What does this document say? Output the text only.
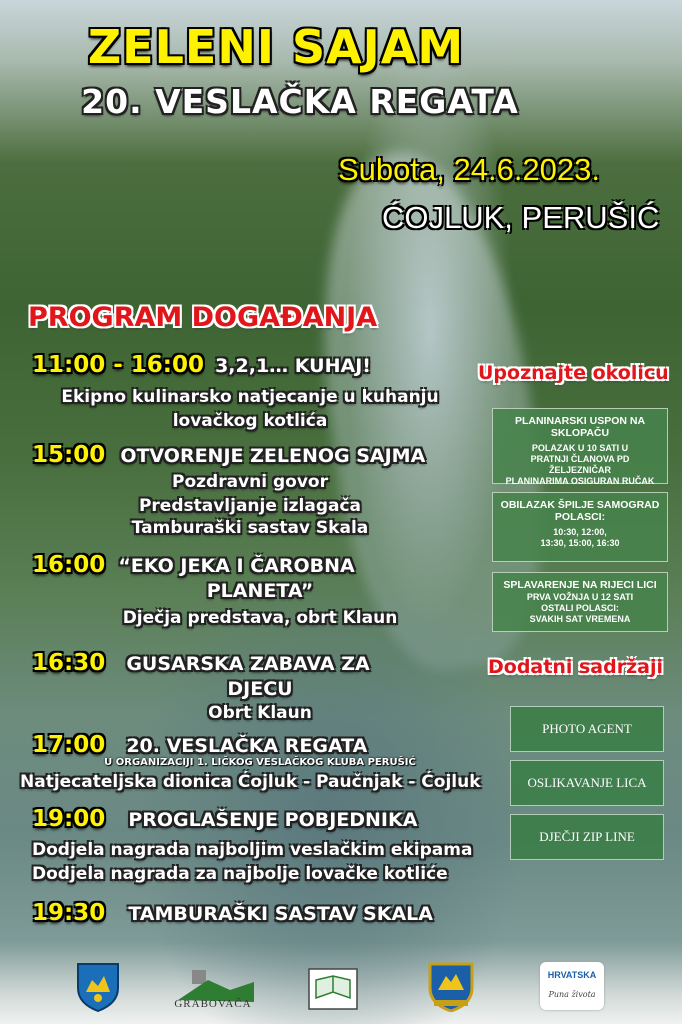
ZELENI SAJAM
20. VESLAČKA REGATA
Subota, 24.6.2023.
ĆOJLUK, PERUŠIĆ
PROGRAM DOGAĐANJA
11:00 - 16:00 3,2,1… KUHAJ!
Ekipno kulinarsko natjecanje u kuhanju
lovačkog kotlića
15:00 OTVORENJE ZELENOG SAJMA
Pozdravni govor
Predstavljanje izlagača
Tamburaški sastav Skala
16:00 “EKO JEKA I ČAROBNA
PLANETA”
Dječja predstava, obrt Klaun
16:30 GUSARSKA ZABAVA ZA
DJECU
Obrt Klaun
17:00 20. VESLAČKA REGATA
U ORGANIZACIJI 1. LIČKOG VESLAČKOG KLUBA PERUŠIĆ
Natjecateljska dionica Ćojluk - Paučnjak - Ćojluk
19:00 PROGLAŠENJE POBJEDNIKA
Dodjela nagrada najboljim veslačkim ekipama
Dodjela nagrada za najbolje lovačke kotliće
19:30 TAMBURAŠKI SASTAV SKALA
Upoznajte okolicu
PLANINARSKI USPON NA SKLOPAČU
POLAZAK U 10 SATI U
PRATNJI ČLANOVA PD ŽELJEZNIČAR
PLANINARIMA OSIGURAN RUČAK
OBILAZAK ŠPILJE SAMOGRAD POLASCI:
10:30, 12:00,
13:30, 15:00, 16:30
SPLAVARENJE NA RIJECI LICI
PRVA VOŽNJA U 12 SATI
OSTALI POLASCI:
SVAKIH SAT VREMENA
Dodatni sadržaji
PHOTO AGENT
OSLIKAVANJE LICA
DJEČJI ZIP LINE
GRABOVAČA
HRVATSKA
Puna života
